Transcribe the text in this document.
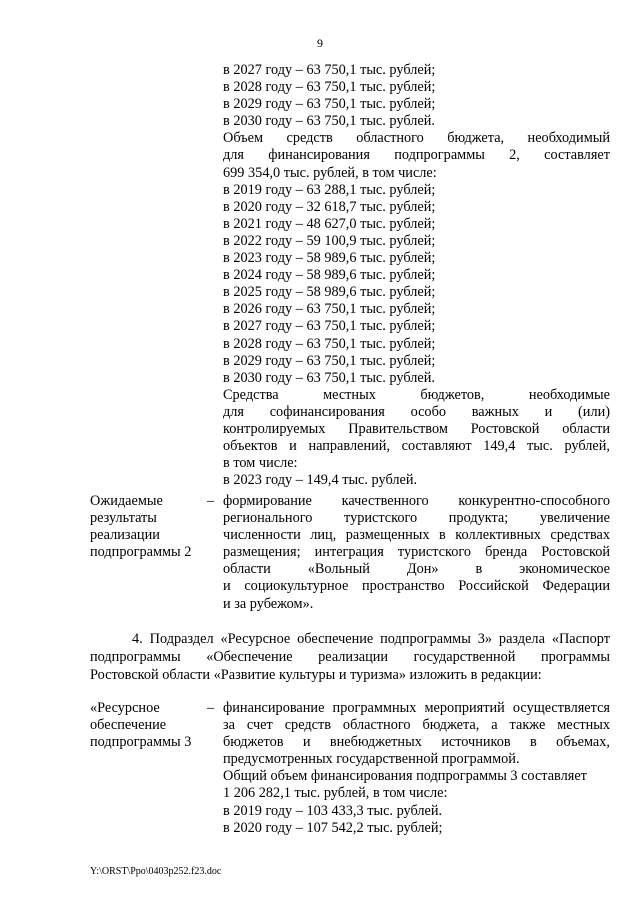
9
в 2027 году – 63 750,1 тыс. рублей;
в 2028 году – 63 750,1 тыс. рублей;
в 2029 году – 63 750,1 тыс. рублей;
в 2030 году – 63 750,1 тыс. рублей.
Объем средств областного бюджета, необходимый
для финансирования подпрограммы 2, составляет
699 354,0 тыс. рублей, в том числе:
в 2019 году – 63 288,1 тыс. рублей;
в 2020 году – 32 618,7 тыс. рублей;
в 2021 году – 48 627,0 тыс. рублей;
в 2022 году – 59 100,9 тыс. рублей;
в 2023 году – 58 989,6 тыс. рублей;
в 2024 году – 58 989,6 тыс. рублей;
в 2025 году – 58 989,6 тыс. рублей;
в 2026 году – 63 750,1 тыс. рублей;
в 2027 году – 63 750,1 тыс. рублей;
в 2028 году – 63 750,1 тыс. рублей;
в 2029 году – 63 750,1 тыс. рублей;
в 2030 году – 63 750,1 тыс. рублей.
Средства местных бюджетов, необходимые
для софинансирования особо важных и (или)
контролируемых Правительством Ростовской области
объектов и направлений, составляют 149,4 тыс. рублей,
в том числе:
в 2023 году – 149,4 тыс. рублей.
Ожидаемые
результаты
реализации
подпрограммы 2
– формирование качественного конкурентно-способного
регионального туристского продукта; увеличение
численности лиц, размещенных в коллективных средствах
размещения; интеграция туристского бренда Ростовской
области «Вольный Дон» в экономическое
и социокультурное пространство Российской Федерации
и за рубежом».
4. Подраздел «Ресурсное обеспечение подпрограммы 3» раздела «Паспорт
подпрограммы «Обеспечение реализации государственной программы
Ростовской области «Развитие культуры и туризма» изложить в редакции:
«Ресурсное
обеспечение
подпрограммы 3
– финансирование программных мероприятий осуществляется
за счет средств областного бюджета, а также местных
бюджетов и внебюджетных источников в объемах,
предусмотренных государственной программой.
Общий объем финансирования подпрограммы 3 составляет
1 206 282,1 тыс. рублей, в том числе:
в 2019 году – 103 433,3 тыс. рублей.
в 2020 году – 107 542,2 тыс. рублей;
Y:\ORST\Ppo\0403p252.f23.doc
